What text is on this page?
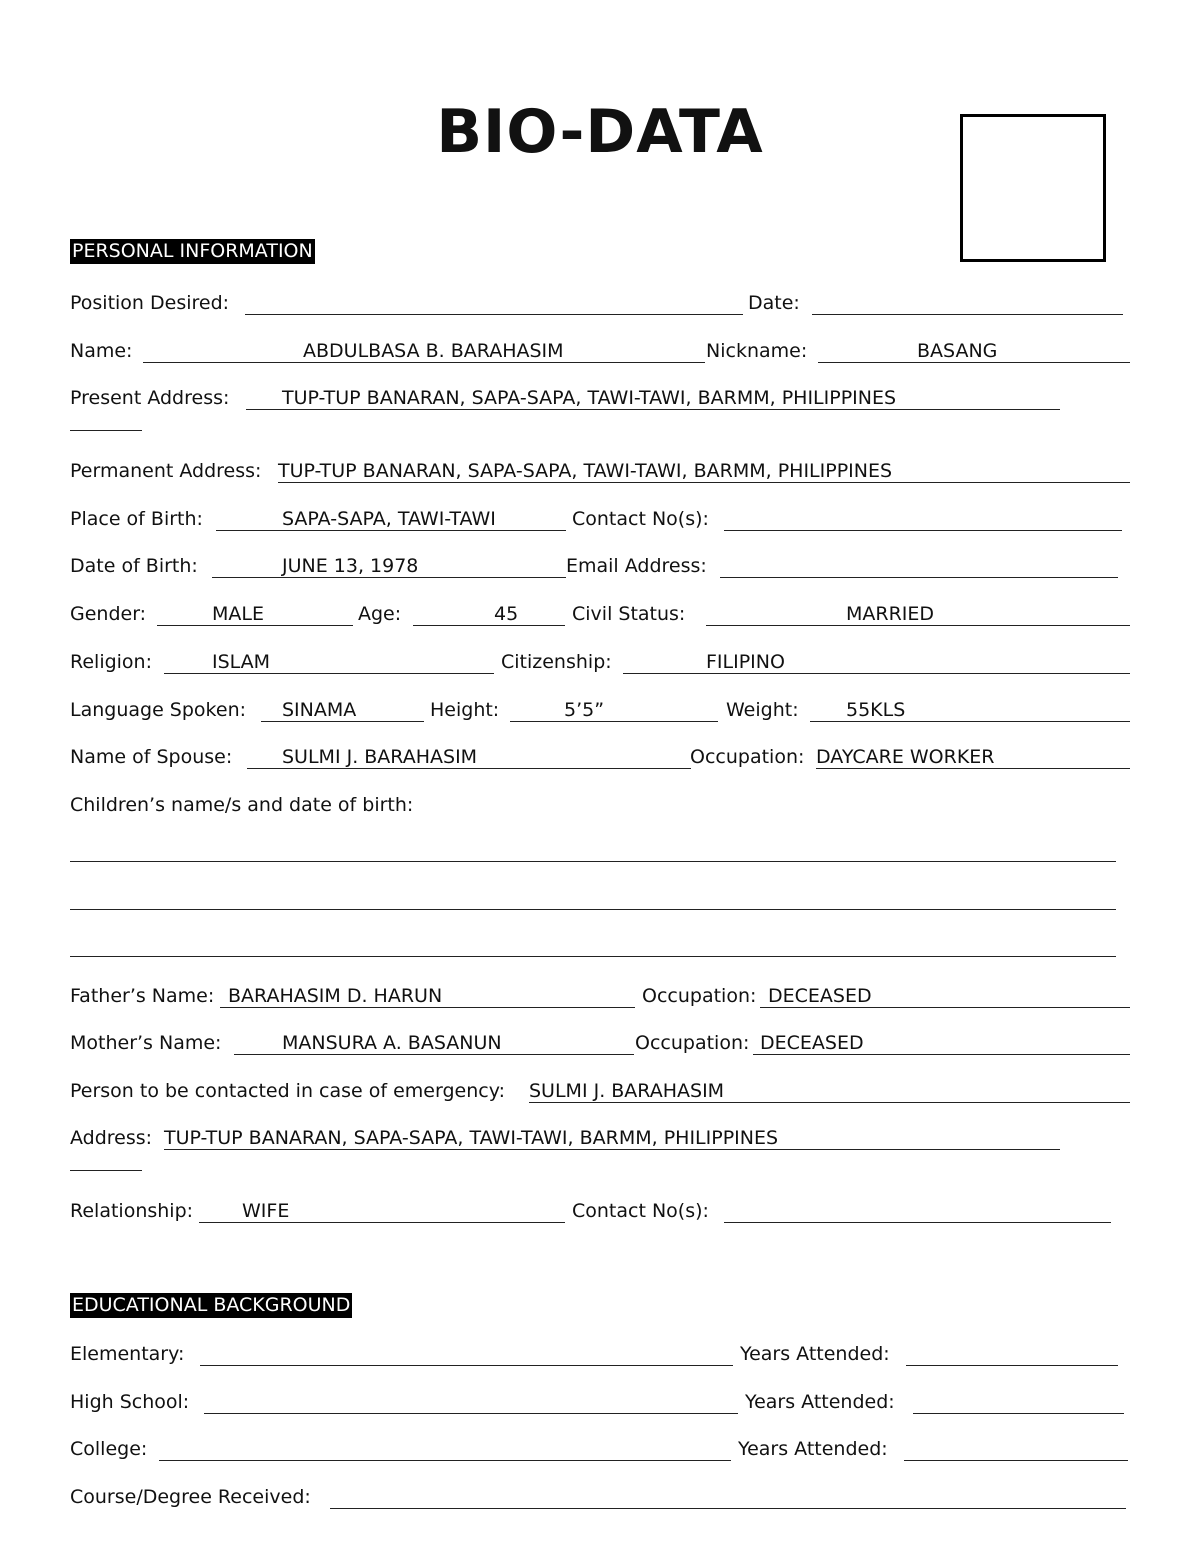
BIO-DATA
PERSONAL INFORMATION
Position Desired:	Date:
Name:	ABDULBASA B. BARAHASIM	Nickname:	BASANG
Present Address:	TUP-TUP BANARAN, SAPA-SAPA, TAWI-TAWI, BARMM, PHILIPPINES
Permanent Address: TUP-TUP BANARAN, SAPA-SAPA, TAWI-TAWI, BARMM, PHILIPPINES
Place of Birth:	SAPA-SAPA, TAWI-TAWI	Contact No(s):
Date of Birth:	JUNE 13, 1978	Email Address:
Gender:	MALE	Age:	45	Civil Status:	MARRIED
Religion:	ISLAM	Citizenship:	FILIPINO
Language Spoken: SINAMA	Height:	5’5”	Weight: 55KLS
Name of Spouse:	SULMI J. BARAHASIM	Occupation: DAYCARE WORKER
Children’s name/s and date of birth:
Father’s Name: BARAHASIM D. HARUN	Occupation: DECEASED
Mother’s Name:	MANSURA A. BASANUN	Occupation: DECEASED
Person to be contacted in case of emergency: SULMI J. BARAHASIM
Address: TUP-TUP BANARAN, SAPA-SAPA, TAWI-TAWI, BARMM, PHILIPPINES
Relationship:	WIFE	Contact No(s):
EDUCATIONAL BACKGROUND
Elementary:	Years Attended:
High School:	Years Attended:
College:	Years Attended:
Course/Degree Received:
